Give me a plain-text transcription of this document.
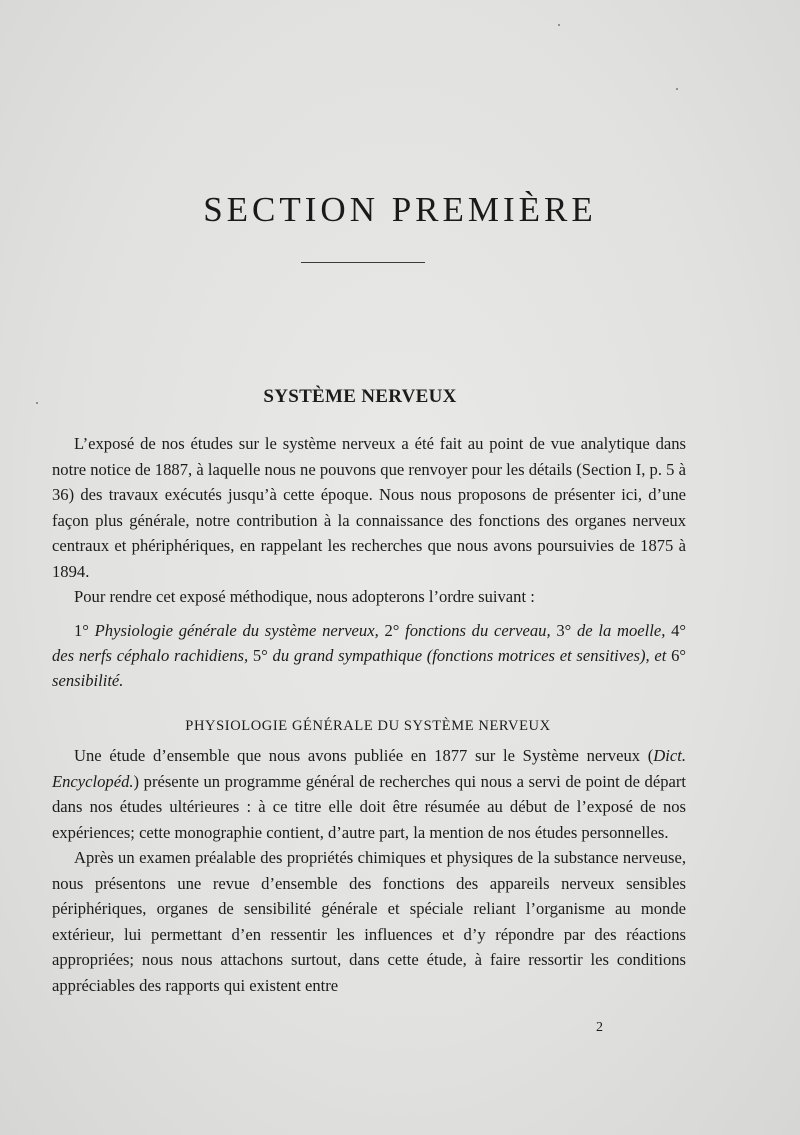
SECTION PREMIÈRE
SYSTÈME NERVEUX

L’exposé de nos études sur le système nerveux a été fait au point de vue analytique dans notre notice de 1887, à laquelle nous ne pouvons que renvoyer pour les détails (Section I, p. 5 à 36) des travaux exécutés jusqu’à cette époque. Nous nous proposons de présenter ici, d’une façon plus générale, notre contribution à la connaissance des fonctions des organes nerveux centraux et phériphériques, en rappelant les recherches que nous avons poursuivies de 1875 à 1894.

Pour rendre cet exposé méthodique, nous adopterons l’ordre suivant :

1° Physiologie générale du système nerveux, 2° fonctions du cerveau, 3° de la moelle, 4° des nerfs céphalo rachidiens, 5° du grand sympathique (fonctions motrices et sensitives), et 6° sensibilité.

PHYSIOLOGIE GÉNÉRALE DU SYSTÈME NERVEUX

Une étude d’ensemble que nous avons publiée en 1877 sur le Système nerveux (Dict. Encyclopéd.) présente un programme général de recherches qui nous a servi de point de départ dans nos études ultérieures : à ce titre elle doit être résumée au début de l’exposé de nos expériences; cette monographie contient, d’autre part, la mention de nos études personnelles.

Après un examen préalable des propriétés chimiques et physiques de la substance nerveuse, nous présentons une revue d’ensemble des fonctions des appareils nerveux sensibles périphériques, organes de sensibilité générale et spéciale reliant l’organisme au monde extérieur, lui permettant d’en ressentir les influences et d’y répondre par des réactions appropriées; nous nous attachons surtout, dans cette étude, à faire ressortir les conditions appréciables des rapports qui existent entre

2
